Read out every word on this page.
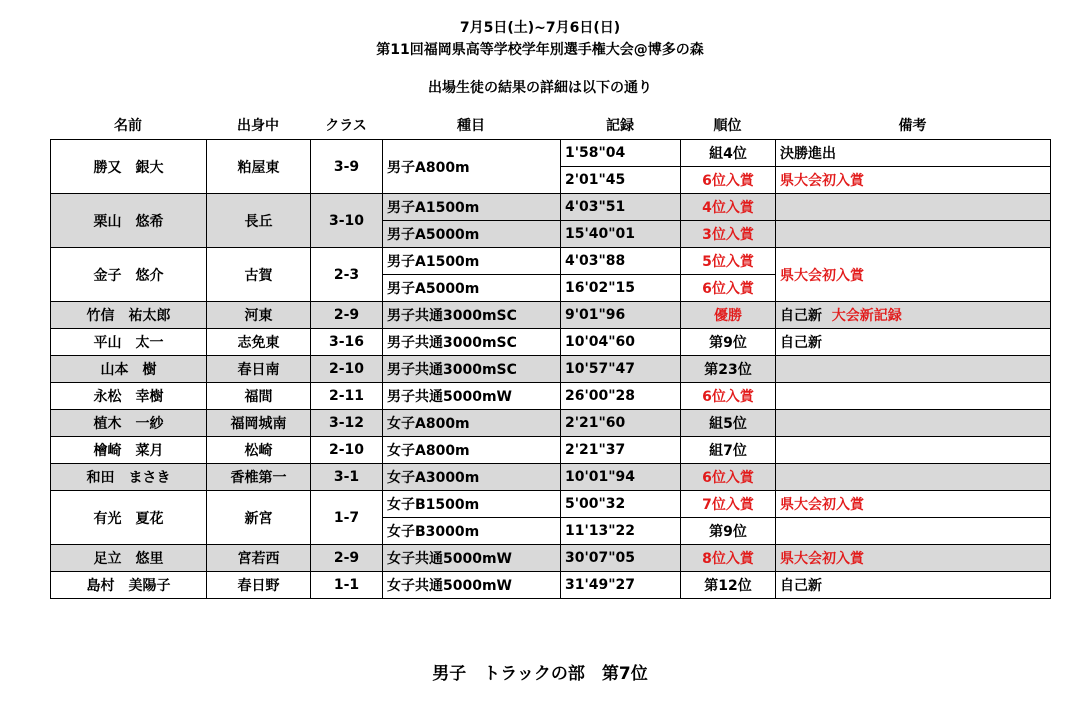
7月5日(土)~7月6日(日)
第11回福岡県高等学校学年別選手権大会@博多の森
出場生徒の結果の詳細は以下の通り
名前	出身中	クラス	種目	記録	順位	備考
勝又　銀大	粕屋東	3-9	男子A800m	1'58"04	組4位	決勝進出
				2'01"45	6位入賞	県大会初入賞
栗山　悠希	長丘	3-10	男子A1500m	4'03"51	4位入賞	
			男子A5000m	15'40"01	3位入賞	
金子　悠介	古賀	2-3	男子A1500m	4'03"88	5位入賞	県大会初入賞
			男子A5000m	16'02"15	6位入賞	
竹信　祐太郎	河東	2-9	男子共通3000mSC	9'01"96	優勝	自己新 大会新記録
平山　太一	志免東	3-16	男子共通3000mSC	10'04"60	第9位	自己新
山本　樹	春日南	2-10	男子共通3000mSC	10'57"47	第23位	
永松　幸樹	福間	2-11	男子共通5000mW	26'00"28	6位入賞	
植木　一紗	福岡城南	3-12	女子A800m	2'21"60	組5位	
檜崎　菜月	松崎	2-10	女子A800m	2'21"37	組7位	
和田　まさき	香椎第一	3-1	女子A3000m	10'01"94	6位入賞	
有光　夏花	新宮	1-7	女子B1500m	5'00"32	7位入賞	県大会初入賞
			女子B3000m	11'13"22	第9位	
足立　悠里	宮若西	2-9	女子共通5000mW	30'07"05	8位入賞	県大会初入賞
島村　美陽子	春日野	1-1	女子共通5000mW	31'49"27	第12位	自己新
男子　トラックの部　第7位
